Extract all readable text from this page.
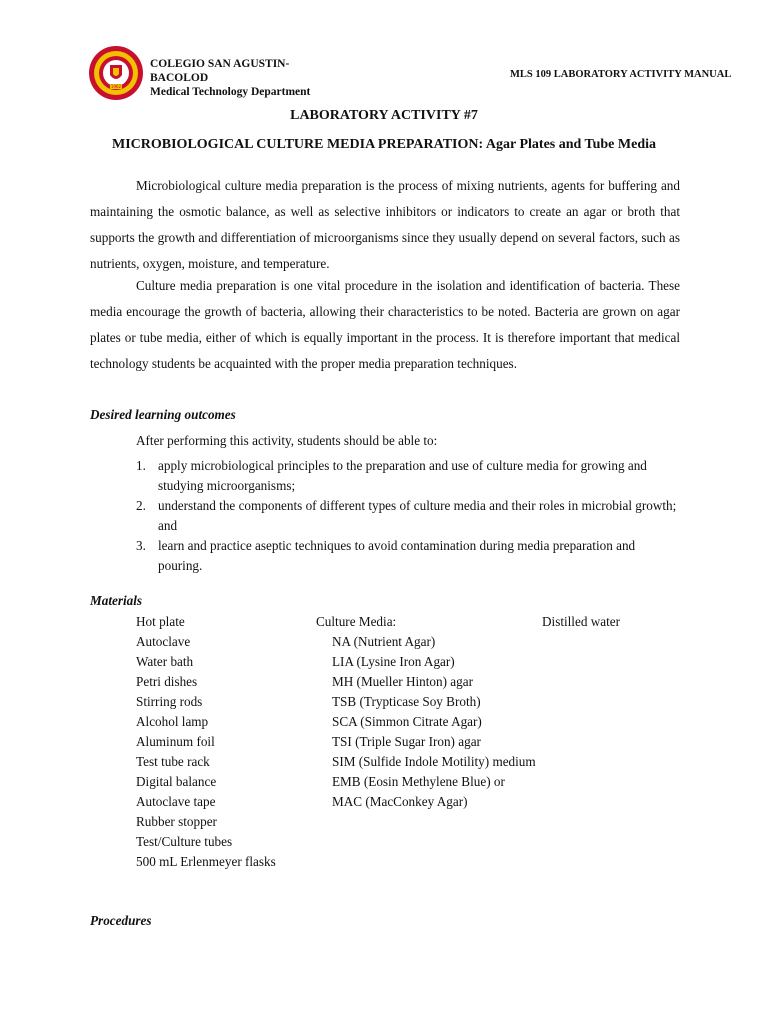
1962
COLEGIO SAN AGUSTIN-
BACOLOD
Medical Technology Department
MLS 109 LABORATORY ACTIVITY MANUAL
LABORATORY ACTIVITY #7
MICROBIOLOGICAL CULTURE MEDIA PREPARATION: Agar Plates and Tube Media

Microbiological culture media preparation is the process of mixing nutrients, agents for buffering and maintaining the osmotic balance, as well as selective inhibitors or indicators to create an agar or broth that supports the growth and differentiation of microorganisms since they usually depend on several factors, such as nutrients, oxygen, moisture, and temperature.

Culture media preparation is one vital procedure in the isolation and identification of bacteria. These media encourage the growth of bacteria, allowing their characteristics to be noted. Bacteria are grown on agar plates or tube media, either of which is equally important in the process. It is therefore important that medical technology students be acquainted with the proper media preparation techniques.

Desired learning outcomes
After performing this activity, students should be able to:
1. apply microbiological principles to the preparation and use of culture media for growing and studying microorganisms;
2. understand the components of different types of culture media and their roles in microbial growth; and
3. learn and practice aseptic techniques to avoid contamination during media preparation and pouring.
Materials
Hot plate
Autoclave
Water bath
Petri dishes
Stirring rods
Alcohol lamp
Aluminum foil
Test tube rack
Digital balance
Autoclave tape
Rubber stopper
Test/Culture tubes
500 mL Erlenmeyer flasks
Culture Media:
NA (Nutrient Agar)
LIA (Lysine Iron Agar)
MH (Mueller Hinton) agar
TSB (Trypticase Soy Broth)
SCA (Simmon Citrate Agar)
TSI (Triple Sugar Iron) agar
SIM (Sulfide Indole Motility) medium
EMB (Eosin Methylene Blue) or
MAC (MacConkey Agar)
Distilled water
Procedures
